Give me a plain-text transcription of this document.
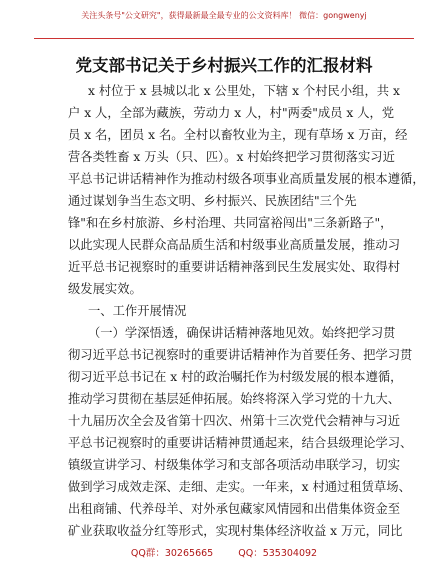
关注头条号"公文研究"，获得最新最全最专业的公文资料库！ 微信：gongwenyj
党支部书记关于乡村振兴工作的汇报材料
x 村位于 x 县城以北 x 公里处，下辖 x 个村民小组，共 x
户 x 人，全部为藏族，劳动力 x 人，村"两委"成员 x 人，党
员 x 名，团员 x 名。全村以畜牧业为主，现有草场 x 万亩，经
营各类牲畜 x 万头（只、匹）。x 村始终把学习贯彻落实习近
平总书记讲话精神作为推动村级各项事业高质量发展的根本遵循，
通过谋划争当生态文明、乡村振兴、民族团结"三个先
锋"和在乡村旅游、乡村治理、共同富裕闯出"三条新路子"，
以此实现人民群众高品质生活和村级事业高质量发展，推动习
近平总书记视察时的重要讲话精神落到民生发展实处、取得村
级发展实效。
一、工作开展情况
（一）学深悟透，确保讲话精神落地见效。始终把学习贯
彻习近平总书记视察时的重要讲话精神作为首要任务、把学习贯
彻习近平总书记在 x 村的政治嘱托作为村级发展的根本遵循，
推动学习贯彻在基层延伸拓展。始终将深入学习党的十九大、
十九届历次全会及省第十四次、州第十三次党代会精神与习近
平总书记视察时的重要讲话精神贯通起来，结合县级理论学习、
镇级宣讲学习、村级集体学习和支部各项活动串联学习，切实
做到学习成效走深、走细、走实。一年来，x 村通过租赁草场、
出租商铺、代养母羊、对外承包藏家风情园和出借集体资金至
矿业获取收益分红等形式，实现村集体经济收益 x 万元，同比
QQ群：30265665	QQ：535304092
